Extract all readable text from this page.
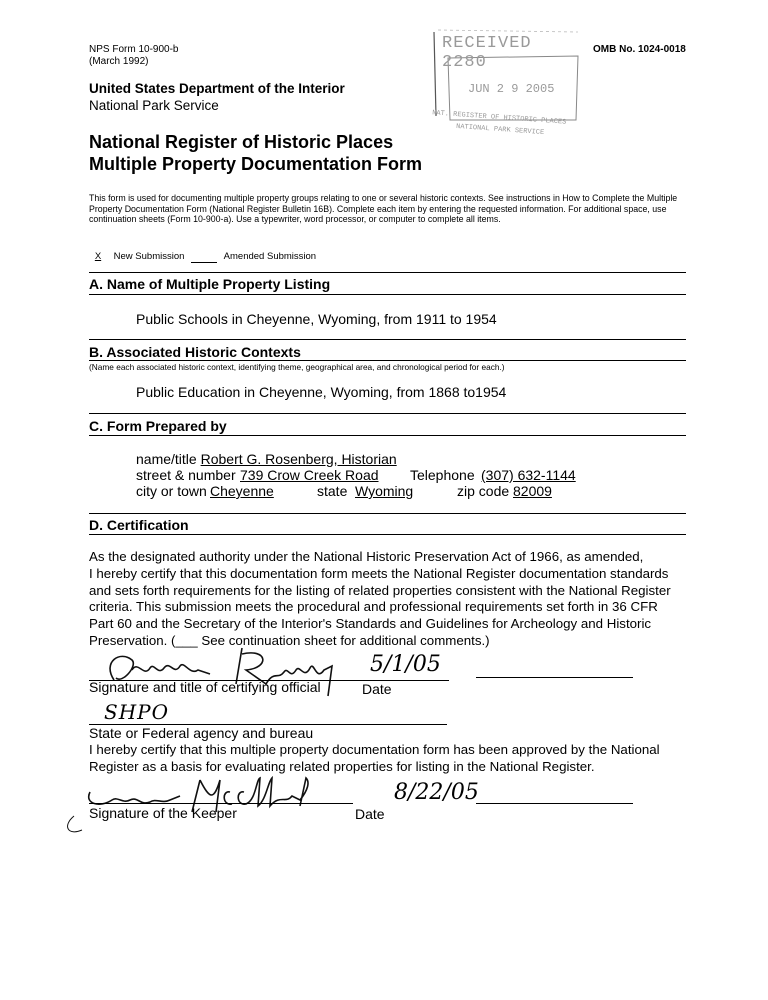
NPS Form 10-900-b
(March 1992)
OMB No. 1024-0018
United States Department of the Interior
National Park Service
National Register of Historic Places
Multiple Property Documentation Form
RECEIVED 2280
JUN 2 9 2005
NAT. REGISTER OF HISTORIC PLACES
NATIONAL PARK SERVICE
This form is used for documenting multiple property groups relating to one or several historic contexts. See instructions in How to Complete the Multiple Property Documentation Form (National Register Bulletin 16B). Complete each item by entering the requested information. For additional space, use continuation sheets (Form 10-900-a). Use a typewriter, word processor, or computer to complete all items.
X New Submission	Amended Submission
A. Name of Multiple Property Listing
Public Schools in Cheyenne, Wyoming, from 1911 to 1954
B. Associated Historic Contexts
(Name each associated historic context, identifying theme, geographical area, and chronological period for each.)
Public Education in Cheyenne, Wyoming, from 1868 to1954
C. Form Prepared by
name/title Robert G. Rosenberg, Historian
street & number 739 Crow Creek Road Telephone (307) 632-1144
city or town Cheyenne	state Wyoming	zip code 82009
D. Certification
As the designated authority under the National Historic Preservation Act of 1966, as amended,
I hereby certify that this documentation form meets the National Register documentation standards
and sets forth requirements for the listing of related properties consistent with the National Register
criteria. This submission meets the procedural and professional requirements set forth in 36 CFR
Part 60 and the Secretary of the Interior's Standards and Guidelines for Archeology and Historic
Preservation. (___ See continuation sheet for additional comments.)
5/1/05
Signature and title of certifying official	Date
SHPO
State or Federal agency and bureau
I hereby certify that this multiple property documentation form has been approved by the National
Register as a basis for evaluating related properties for listing in the National Register.
8/22/05
Signature of the Keeper	Date
